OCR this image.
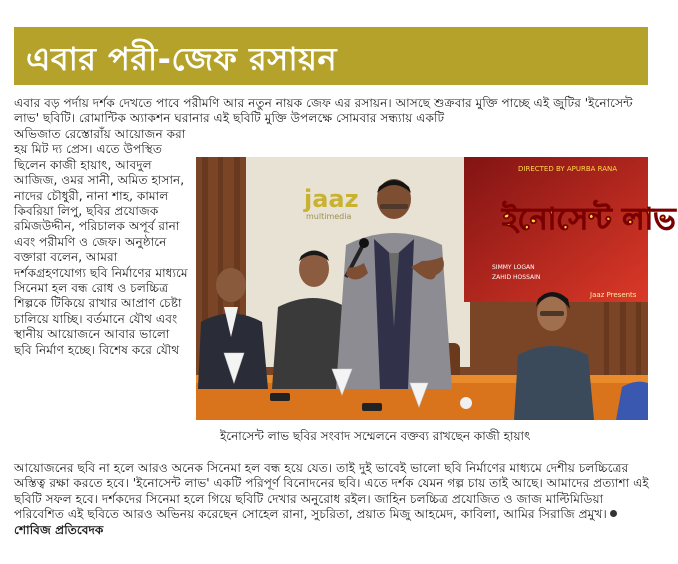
এবার পরী-জেফ রসায়ন
এবার বড় পর্দায় দর্শক দেখতে পাবে পরীমণি আর নতুন নায়ক জেফ এর রসায়ন। আসছে শুক্রবার মুক্তি পাচ্ছে এই জুটির 'ইনোসেন্ট লাভ' ছবিটি। রোমান্টিক অ্যাকশন ঘরানার এই ছবিটি মুক্তি উপলক্ষে সোমবার সন্ধ্যায় একটি
অভিজাত রেস্তোরাঁয় আয়োজন করা হয় মিট দ্য প্রেস। এতে উপস্থিত ছিলেন কাজী হায়াৎ, আবদুল আজিজ, ওমর সানী, অমিত হাসান, নাদের চৌধুরী, নানা শাহ, কামাল কিবরিয়া লিপু, ছবির প্রযোজক রমিজউদ্দীন, পরিচালক অপূর্ব রানা এবং পরীমণি ও জেফ। অনুষ্ঠানে বক্তারা বলেন, আমরা দর্শকগ্রহণযোগ্য ছবি নির্মাণের মাধ্যমে সিনেমা হল বন্ধ রোধ ও চলচ্চিত্র শিল্পকে টিকিয়ে রাখার আপ্রাণ চেষ্টা চালিয়ে যাচ্ছি। বর্তমানে যৌথ এবং স্থানীয় আয়োজনে আবার ভালো ছবি নির্মাণ হচ্ছে। বিশেষ করে যৌথ
DIRECTED BY APURBA RANA
ইনোসেন্ট লাভ
SIMMY LOGAN
ZAHID HOSSAIN
Jaaz Presents
jaaz
multimedia
ইনোসেন্ট লাভ ছবির সংবাদ সম্মেলনে বক্তব্য রাখছেন কাজী হায়াৎ
আয়োজনের ছবি না হলে আরও অনেক সিনেমা হল বন্ধ হয়ে যেত। তাই দুই ভাবেই ভালো ছবি নির্মাণের মাধ্যমে দেশীয় চলচ্চিত্রের অস্তিত্ব রক্ষা করতে হবে। 'ইনোসেন্ট লাভ' একটি পরিপূর্ণ বিনোদনের ছবি। এতে দর্শক যেমন গল্প চায় তাই আছে। আমাদের প্রত্যাশা এই ছবিটি সফল হবে। দর্শকদের সিনেমা হলে গিয়ে ছবিটি দেখার অনুরোধ রইল। জাহিন চলচ্চিত্র প্রযোজিত ও জাজ মাল্টিমিডিয়া পরিবেশিত এই ছবিতে আরও অভিনয় করেছেন সোহেল রানা, সুচরিতা, প্রয়াত মিজু আহমেদ, কাবিলা, আমির সিরাজি প্রমুখ।শোবিজ প্রতিবেদক
